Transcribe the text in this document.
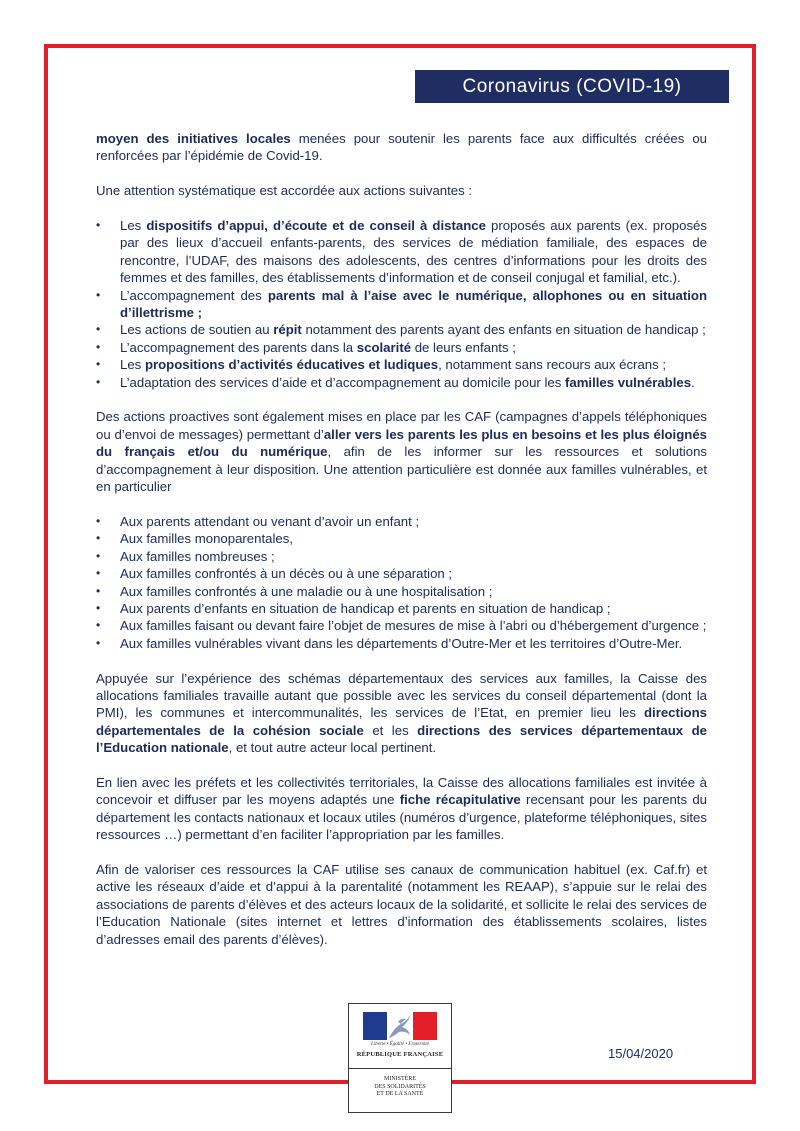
Coronavirus (COVID-19)

moyen des initiatives locales menées pour soutenir les parents face aux difficultés créées ou renforcées par l’épidémie de Covid-19.

Une attention systématique est accordée aux actions suivantes :

• Les dispositifs d’appui, d’écoute et de conseil à distance proposés aux parents (ex. proposés par des lieux d’accueil enfants-parents, des services de médiation familiale, des espaces de rencontre, l’UDAF, des maisons des adolescents, des centres d’informations pour les droits des femmes et des familles, des établissements d’information et de conseil conjugal et familial, etc.).
• L’accompagnement des parents mal à l’aise avec le numérique, allophones ou en situation d’illettrisme ;
• Les actions de soutien au répit notamment des parents ayant des enfants en situation de handicap ;
• L’accompagnement des parents dans la scolarité de leurs enfants ;
• Les propositions d’activités éducatives et ludiques, notamment sans recours aux écrans ;
• L’adaptation des services d’aide et d’accompagnement au domicile pour les familles vulnérables.

Des actions proactives sont également mises en place par les CAF (campagnes d’appels téléphoniques ou d’envoi de messages) permettant d’aller vers les parents les plus en besoins et les plus éloignés du français et/ou du numérique, afin de les informer sur les ressources et solutions d’accompagnement à leur disposition. Une attention particulière est donnée aux familles vulnérables, et en particulier

• Aux parents attendant ou venant d’avoir un enfant ;
• Aux familles monoparentales,
• Aux familles nombreuses ;
• Aux familles confrontés à un décès ou à une séparation ;
• Aux familles confrontés à une maladie ou à une hospitalisation ;
• Aux parents d’enfants en situation de handicap et parents en situation de handicap ;
• Aux familles faisant ou devant faire l’objet de mesures de mise à l’abri ou d’hébergement d’urgence ;
• Aux familles vulnérables vivant dans les départements d’Outre-Mer et les territoires d’Outre-Mer.

Appuyée sur l’expérience des schémas départementaux des services aux familles, la Caisse des allocations familiales travaille autant que possible avec les services du conseil départemental (dont la PMI), les communes et intercommunalités, les services de l’Etat, en premier lieu les directions départementales de la cohésion sociale et les directions des services départementaux de l’Education nationale, et tout autre acteur local pertinent.

En lien avec les préfets et les collectivités territoriales, la Caisse des allocations familiales est invitée à concevoir et diffuser par les moyens adaptés une fiche récapitulative recensant pour les parents du département les contacts nationaux et locaux utiles (numéros d’urgence, plateforme téléphoniques, sites ressources …) permettant d’en faciliter l’appropriation par les familles.

Afin de valoriser ces ressources la CAF utilise ses canaux de communication habituel (ex. Caf.fr) et active les réseaux d’aide et d’appui à la parentalité (notamment les REAAP), s’appuie sur le relai des associations de parents d’élèves et des acteurs locaux de la solidarité, et sollicite le relai des services de l’Education Nationale (sites internet et lettres d’information des établissements scolaires, listes d’adresses email des parents d’élèves).

Liberté • Égalité • Fraternité
RÉPUBLIQUE FRANÇAISE
MINISTÈRE
DES SOLIDARITÉS
ET DE LA SANTÉ
15/04/2020
